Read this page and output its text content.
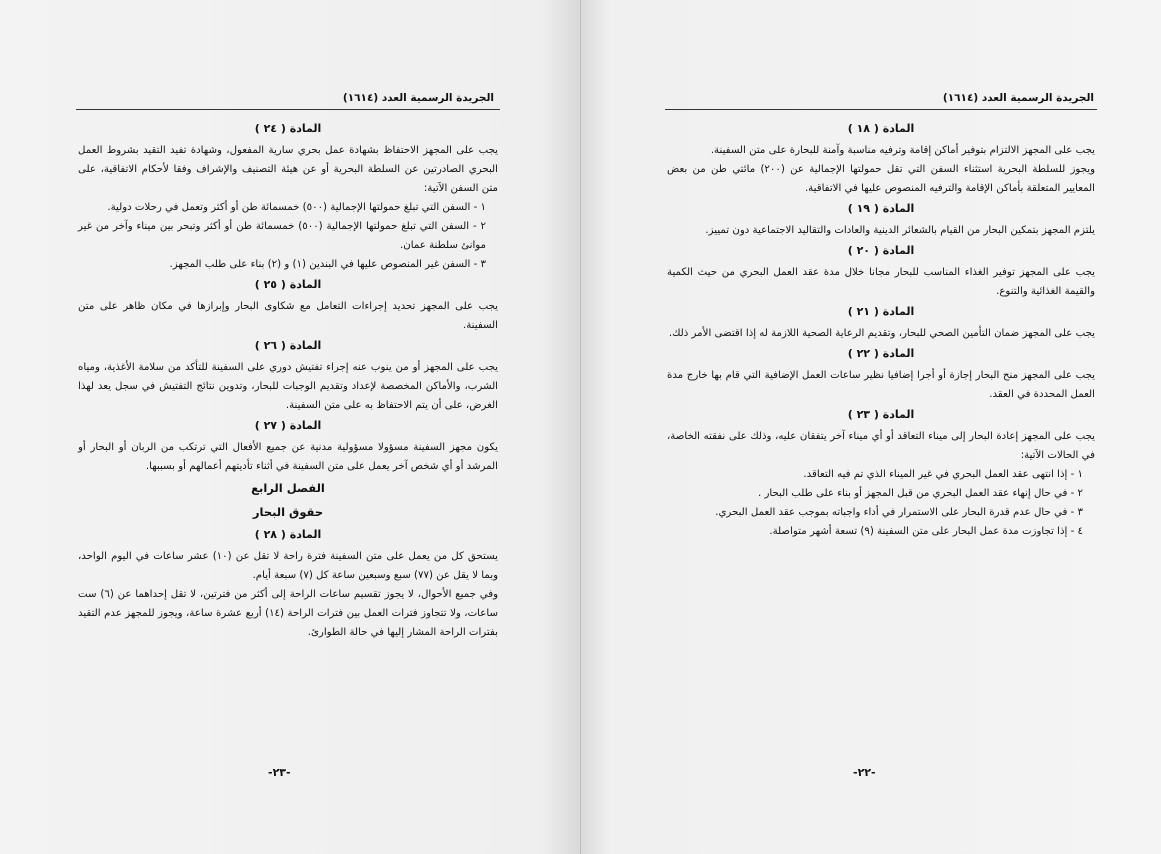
الجريدة الرسمية العدد (١٦١٤)
المادة ( ٢٤ )

يجب على المجهز الاحتفاظ بشهادة عمل بحري سارية المفعول، وشهادة تفيد التقيد بشروط العمل البحري الصادرتين عن السلطة البحرية أو عن هيئة التصنيف والإشراف وفقا لأحكام الاتفاقية، على متن السفن الآتية:

١ - السفن التي تبلغ حمولتها الإجمالية (٥٠٠) خمسمائة طن أو أكثر وتعمل في رحلات دولية.

٢ - السفن التي تبلغ حمولتها الإجمالية (٥٠٠) خمسمائة طن أو أكثر وتبحر بين ميناء وآخر من غير موانئ سلطنة عمان.

٣ - السفن غير المنصوص عليها في البندين (١) و (٢) بناء على طلب المجهز.

المادة ( ٢٥ )

يجب على المجهز تحديد إجراءات التعامل مع شكاوى البحار وإبرازها في مكان ظاهر على متن السفينة.

المادة ( ٢٦ )

يجب على المجهز أو من ينوب عنه إجراء تفتيش دوري على السفينة للتأكد من سلامة الأغذية، ومياه الشرب، والأماكن المخصصة لإعداد وتقديم الوجبات للبحار، وتدوين نتائج التفتيش في سجل يعد لهذا الغرض، على أن يتم الاحتفاظ به على متن السفينة.

المادة ( ٢٧ )

يكون مجهز السفينة مسؤولا مسؤولية مدنية عن جميع الأفعال التي ترتكب من الربان أو البحار أو المرشد أو أي شخص آخر يعمل على متن السفينة في أثناء تأديتهم أعمالهم أو بسببها.

الفصل الرابع
حقوق البحار
المادة ( ٢٨ )

يستحق كل من يعمل على متن السفينة فترة راحة لا تقل عن (١٠) عشر ساعات في اليوم الواحد، وبما لا يقل عن (٧٧) سبع وسبعين ساعة كل (٧) سبعة أيام.

وفي جميع الأحوال، لا يجوز تقسيم ساعات الراحة إلى أكثر من فترتين، لا تقل إحداهما عن (٦) ست ساعات، ولا تتجاوز فترات العمل بين فترات الراحة (١٤) أربع عشرة ساعة، ويجوز للمجهز عدم التقيد بفترات الراحة المشار إليها في حالة الطوارئ.

-٢٣-
الجريدة الرسمية العدد (١٦١٤)
المادة ( ١٨ )

يجب على المجهز الالتزام بتوفير أماكن إقامة وترفيه مناسبة وآمنة للبحارة على متن السفينة.

ويجوز للسلطة البحرية استثناء السفن التي تقل حمولتها الإجمالية عن (٢٠٠) مائتي طن من بعض المعايير المتعلقة بأماكن الإقامة والترفيه المنصوص عليها في الاتفاقية.

المادة ( ١٩ )

يلتزم المجهز بتمكين البحار من القيام بالشعائر الدينية والعادات والتقاليد الاجتماعية دون تمييز.

المادة ( ٢٠ )

يجب على المجهز توفير الغذاء المناسب للبحار مجانا خلال مدة عقد العمل البحري من حيث الكمية والقيمة الغذائية والتنوع.

المادة ( ٢١ )

يجب على المجهز ضمان التأمين الصحي للبحار، وتقديم الرعاية الصحية اللازمة له إذا اقتضى الأمر ذلك.

المادة ( ٢٢ )

يجب على المجهز منح البحار إجازة أو أجرا إضافيا نظير ساعات العمل الإضافية التي قام بها خارج مدة العمل المحددة في العقد.

المادة ( ٢٣ )

يجب على المجهز إعادة البحار إلى ميناء التعاقد أو أي ميناء آخر يتفقان عليه، وذلك على نفقته الخاصة، في الحالات الآتية:

١ - إذا انتهى عقد العمل البحري في غير الميناء الذي تم فيه التعاقد.

٢ - في حال إنهاء عقد العمل البحري من قبل المجهز أو بناء على طلب البحار .

٣ - في حال عدم قدرة البحار على الاستمرار في أداء واجباته بموجب عقد العمل البحري.

٤ - إذا تجاوزت مدة عمل البحار على متن السفينة (٩) تسعة أشهر متواصلة.

-٢٢-
